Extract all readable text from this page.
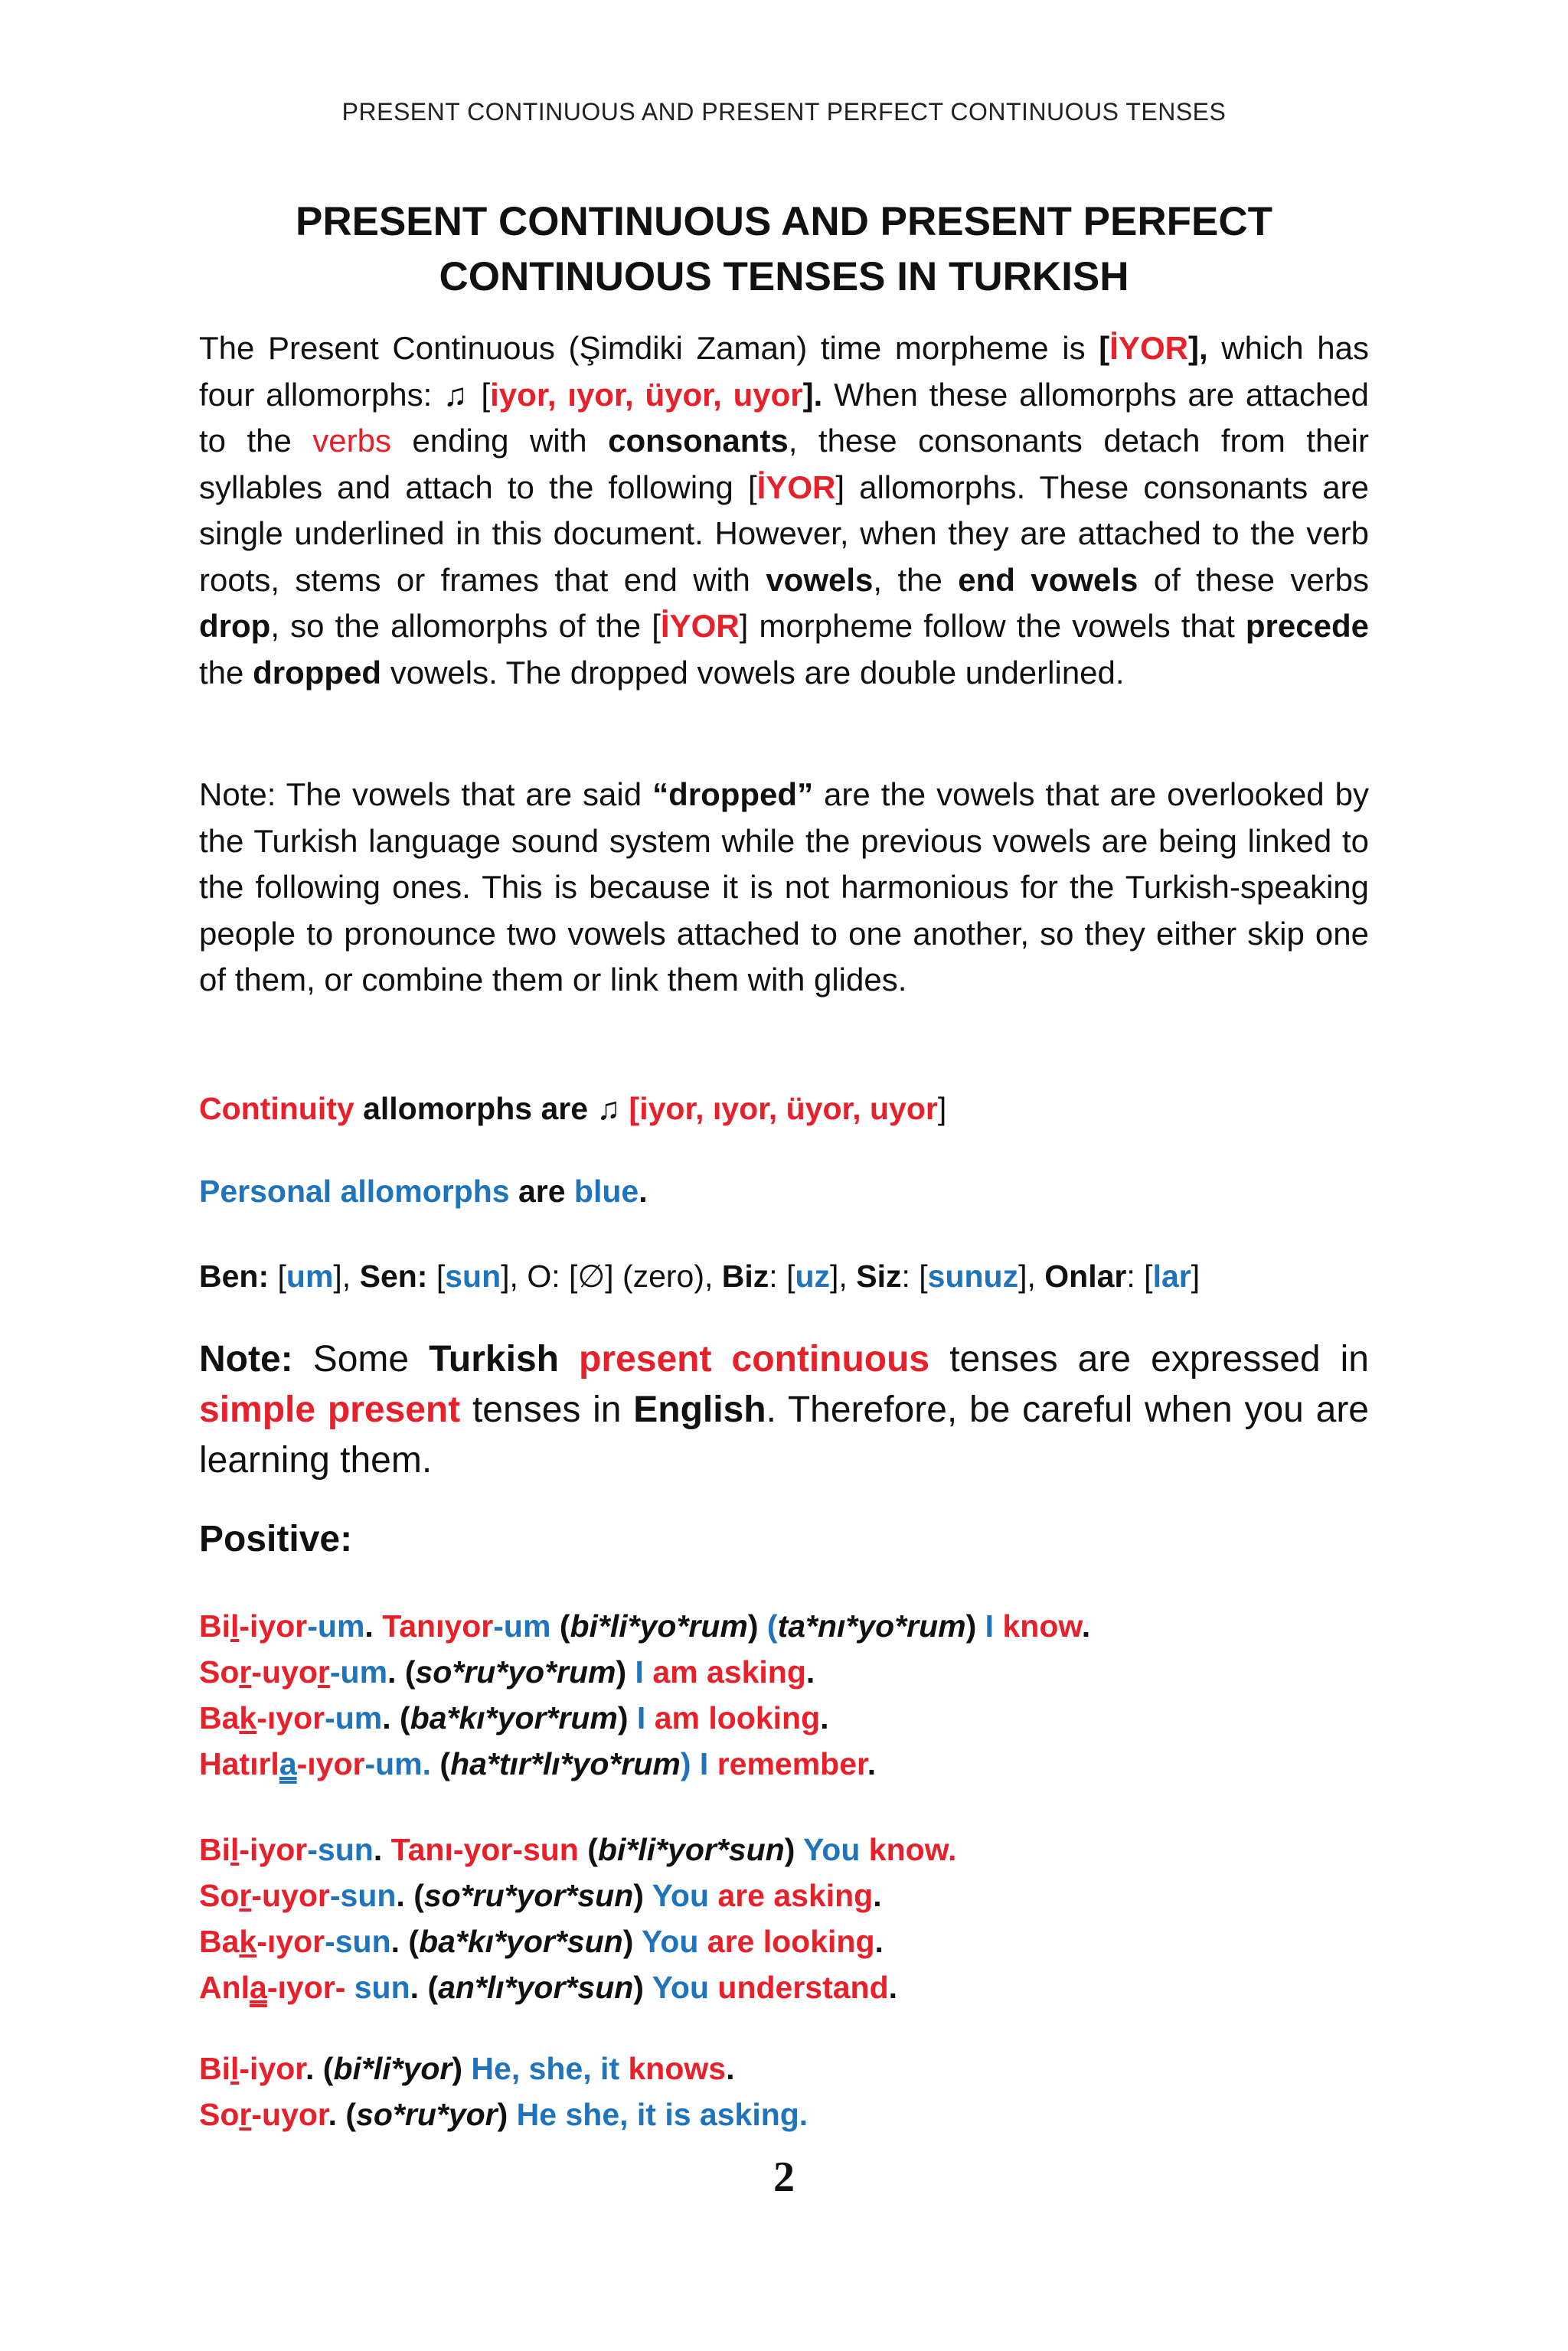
PRESENT CONTINUOUS AND PRESENT PERFECT CONTINUOUS TENSES
PRESENT CONTINUOUS AND PRESENT PERFECT
CONTINUOUS TENSES IN TURKISH

The Present Continuous (Şimdiki Zaman) time morpheme is [İYOR], which has four allomorphs: ♫ [iyor, ıyor, üyor, uyor]. When these allomorphs are attached to the verbs ending with consonants, these consonants detach from their syllables and attach to the following [İYOR] allomorphs. These consonants are single underlined in this document. However, when they are attached to the verb roots, stems or frames that end with vowels, the end vowels of these verbs drop, so the allomorphs of the [İYOR] morpheme follow the vowels that precede the dropped vowels. The dropped vowels are double underlined.

Note: The vowels that are said “dropped” are the vowels that are overlooked by the Turkish language sound system while the previous vowels are being linked to the following ones. This is because it is not harmonious for the Turkish-speaking people to pronounce two vowels attached to one another, so they either skip one of them, or combine them or link them with glides.

Continuity allomorphs are ♫ [iyor, ıyor, üyor, uyor]
Personal allomorphs are blue.
Ben: [um], Sen: [sun], O: [∅] (zero), Biz: [uz], Siz: [sunuz], Onlar: [lar]
Note: Some Turkish present continuous tenses are expressed in simple present tenses in English. Therefore, be careful when you are learning them.
Positive:

Bil-iyor-um. Tanıyor-um (bi*li*yo*rum) (ta*nı*yo*rum) I know.

Sor-uyor-um. (so*ru*yo*rum) I am asking.

Bak-ıyor-um. (ba*kı*yor*rum) I am looking.

Hatırla-ıyor-um. (ha*tır*lı*yo*rum) I remember.

Bil-iyor-sun. Tanı-yor-sun (bi*li*yor*sun) You know.

Sor-uyor-sun. (so*ru*yor*sun) You are asking.

Bak-ıyor-sun. (ba*kı*yor*sun) You are looking.

Anla-ıyor- sun. (an*lı*yor*sun) You understand.

Bil-iyor. (bi*li*yor) He, she, it knows.

Sor-uyor. (so*ru*yor) He she, it is asking.

2
